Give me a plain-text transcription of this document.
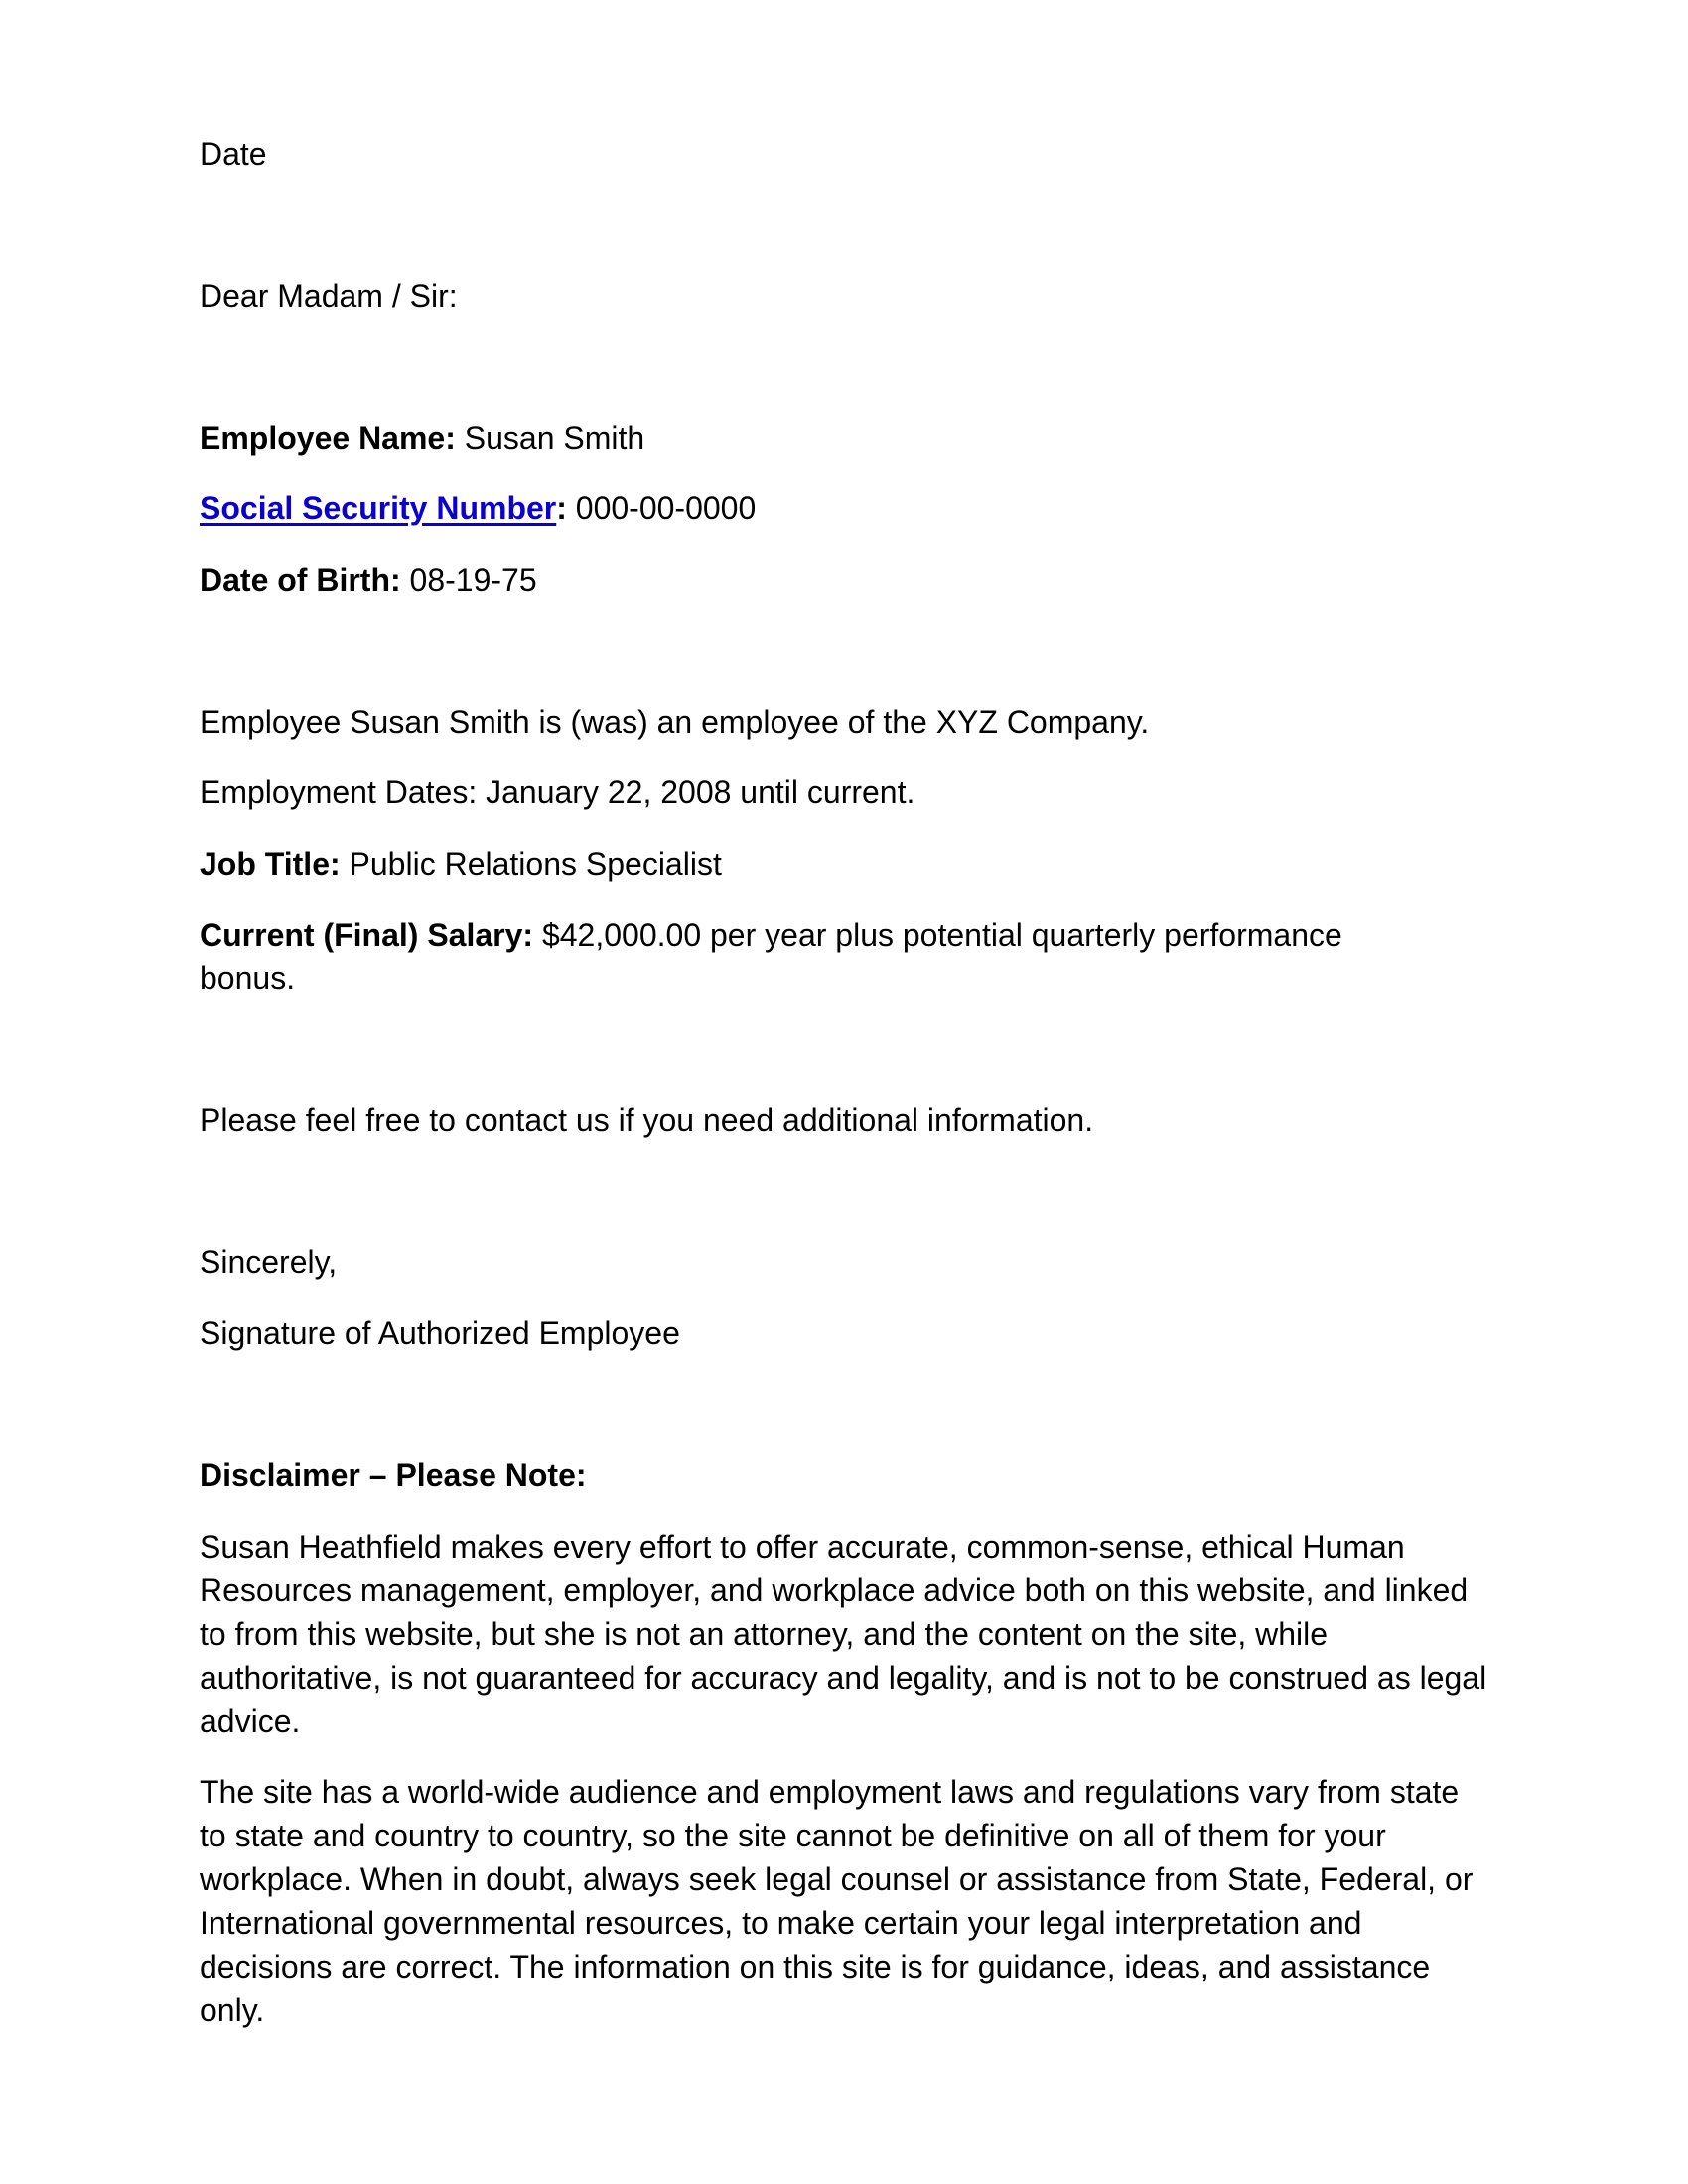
Date

Dear Madam / Sir:

Employee Name: Susan Smith

Social Security Number: 000-00-0000

Date of Birth: 08-19-75

Employee Susan Smith is (was) an employee of the XYZ Company.

Employment Dates: January 22, 2008 until current.

Job Title: Public Relations Specialist

Current (Final) Salary: $42,000.00 per year plus potential quarterly performance

bonus.

Please feel free to contact us if you need additional information.

Sincerely,

Signature of Authorized Employee

Disclaimer – Please Note:

Susan Heathfield makes every effort to offer accurate, common-sense, ethical Human Resources management, employer, and workplace advice both on this website, and linked to from this website, but she is not an attorney, and the content on the site, while authoritative, is not guaranteed for accuracy and legality, and is not to be construed as legal advice.

The site has a world-wide audience and employment laws and regulations vary from state to state and country to country, so the site cannot be definitive on all of them for your workplace. When in doubt, always seek legal counsel or assistance from State, Federal, or International governmental resources, to make certain your legal interpretation and decisions are correct. The information on this site is for guidance, ideas, and assistance only.
